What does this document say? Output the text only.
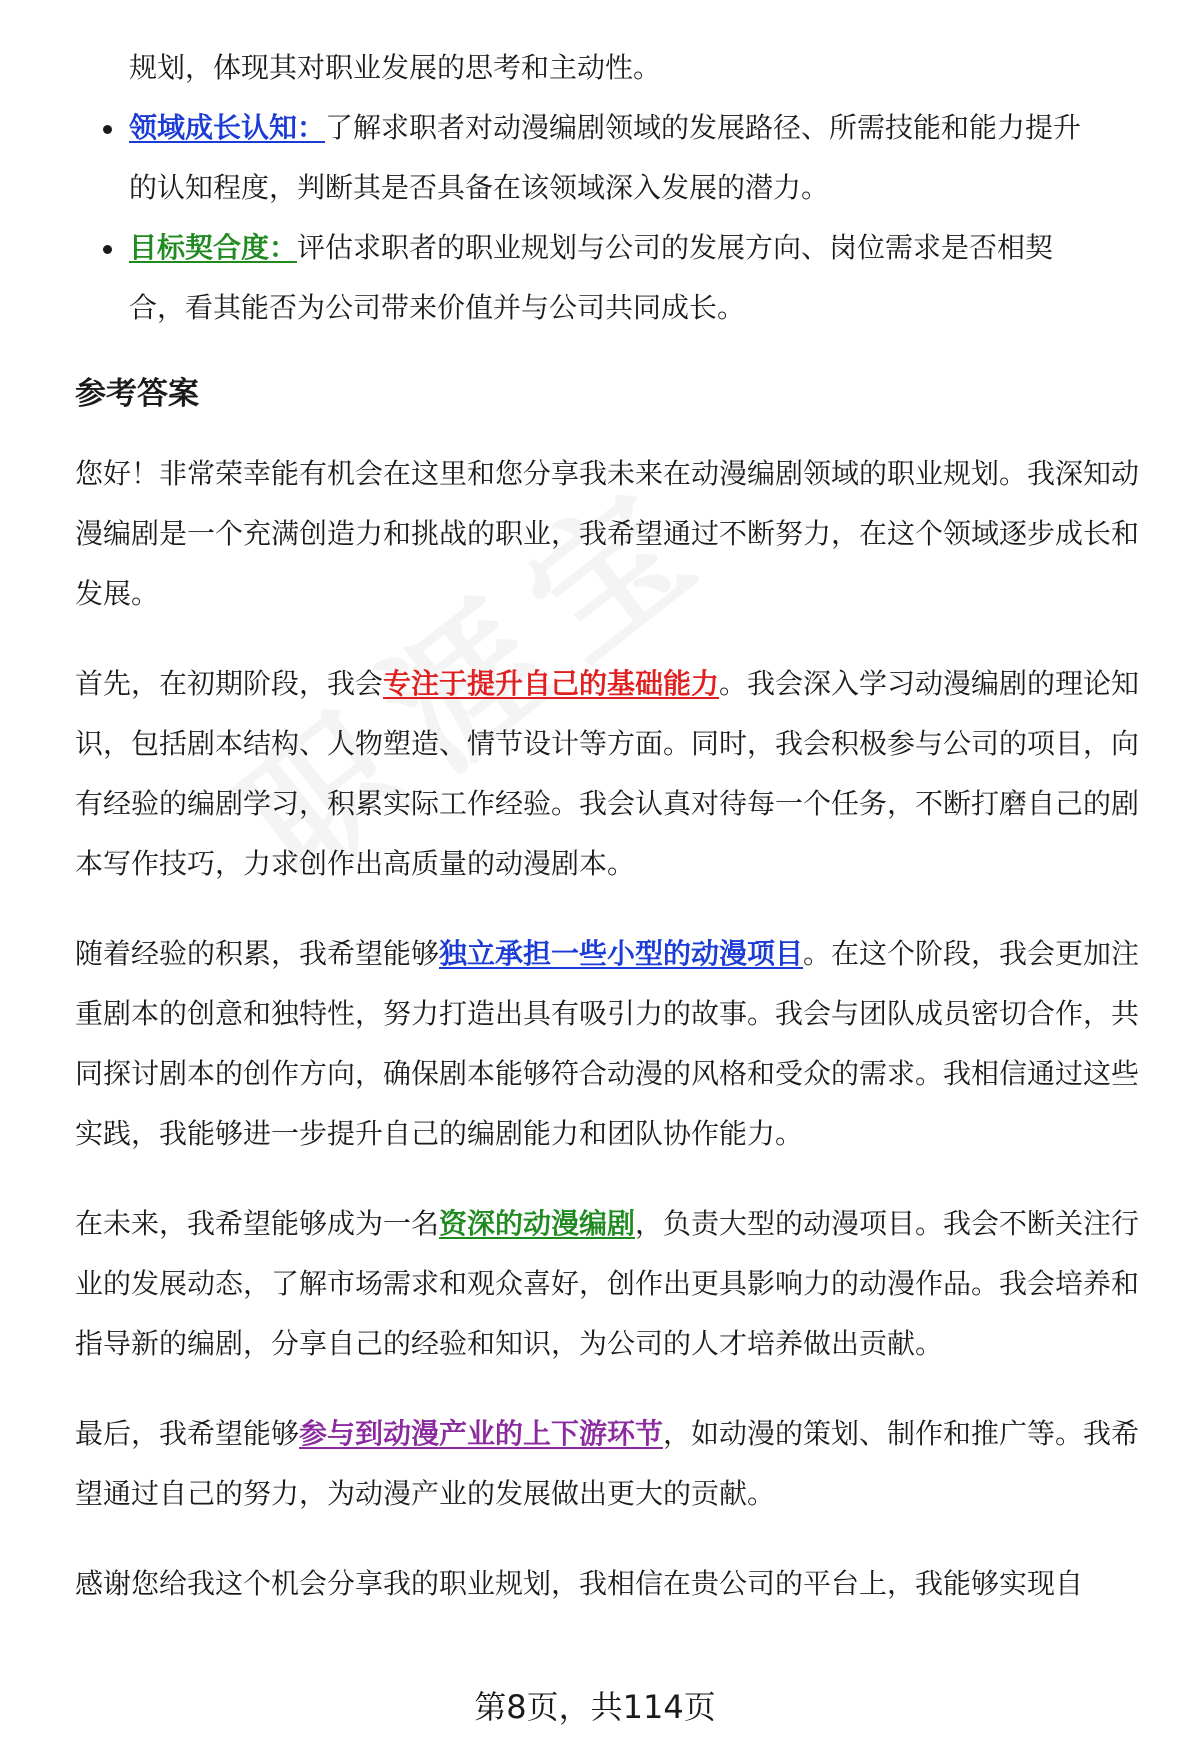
规划，体现其对职业发展的思考和主动性。
领域成长认知：了解求职者对动漫编剧领域的发展路径、所需技能和能力提升
的认知程度，判断其是否具备在该领域深入发展的潜力。
目标契合度：评估求职者的职业规划与公司的发展方向、岗位需求是否相契
合，看其能否为公司带来价值并与公司共同成长。
参考答案

您好！非常荣幸能有机会在这里和您分享我未来在动漫编剧领域的职业规划。我深知动漫编剧是一个充满创造力和挑战的职业，我希望通过不断努力，在这个领域逐步成长和发展。

首先，在初期阶段，我会专注于提升自己的基础能力。我会深入学习动漫编剧的理论知识，包括剧本结构、人物塑造、情节设计等方面。同时，我会积极参与公司的项目，向有经验的编剧学习，积累实际工作经验。我会认真对待每一个任务，不断打磨自己的剧本写作技巧，力求创作出高质量的动漫剧本。

随着经验的积累，我希望能够独立承担一些小型的动漫项目。在这个阶段，我会更加注重剧本的创意和独特性，努力打造出具有吸引力的故事。我会与团队成员密切合作，共同探讨剧本的创作方向，确保剧本能够符合动漫的风格和受众的需求。我相信通过这些实践，我能够进一步提升自己的编剧能力和团队协作能力。

在未来，我希望能够成为一名资深的动漫编剧，负责大型的动漫项目。我会不断关注行业的发展动态，了解市场需求和观众喜好，创作出更具影响力的动漫作品。我会培养和指导新的编剧，分享自己的经验和知识，为公司的人才培养做出贡献。

最后，我希望能够参与到动漫产业的上下游环节，如动漫的策划、制作和推广等。我希望通过自己的努力，为动漫产业的发展做出更大的贡献。

感谢您给我这个机会分享我的职业规划，我相信在贵公司的平台上，我能够实现自

第8页，共114页
